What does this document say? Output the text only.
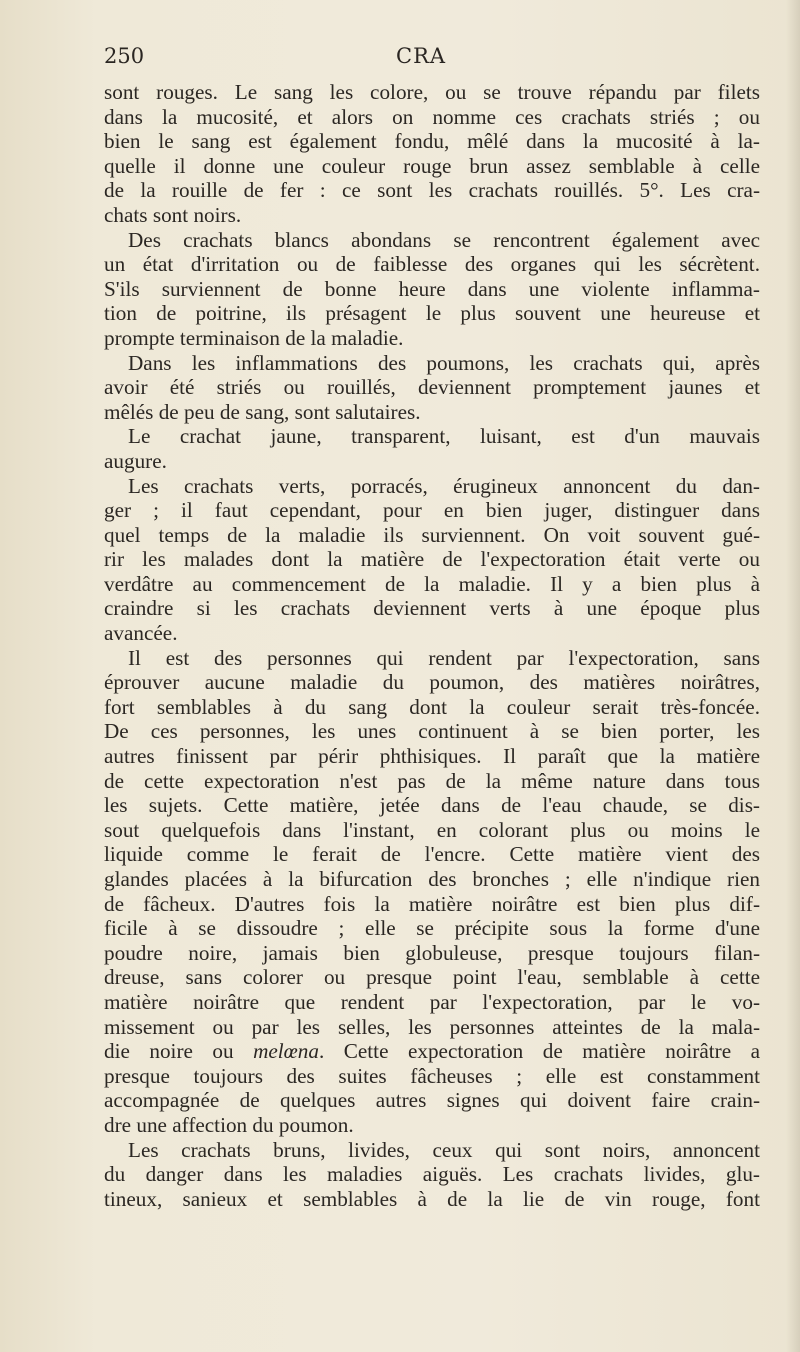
250	CRA
sont rouges. Le sang les colore, ou se trouve répandu par filets
dans la mucosité, et alors on nomme ces crachats striés ; ou
bien le sang est également fondu, mêlé dans la mucosité à la-
quelle il donne une couleur rouge brun assez semblable à celle
de la rouille de fer : ce sont les crachats rouillés. 5°. Les cra-
chats sont noirs.
Des crachats blancs abondans se rencontrent également avec
un état d'irritation ou de faiblesse des organes qui les sécrètent.
S'ils surviennent de bonne heure dans une violente inflamma-
tion de poitrine, ils présagent le plus souvent une heureuse et
prompte terminaison de la maladie.
Dans les inflammations des poumons, les crachats qui, après
avoir été striés ou rouillés, deviennent promptement jaunes et
mêlés de peu de sang, sont salutaires.
Le crachat jaune, transparent, luisant, est d'un mauvais
augure.
Les crachats verts, porracés, érugineux annoncent du dan-
ger ; il faut cependant, pour en bien juger, distinguer dans
quel temps de la maladie ils surviennent. On voit souvent gué-
rir les malades dont la matière de l'expectoration était verte ou
verdâtre au commencement de la maladie. Il y a bien plus à
craindre si les crachats deviennent verts à une époque plus
avancée.
Il est des personnes qui rendent par l'expectoration, sans
éprouver aucune maladie du poumon, des matières noirâtres,
fort semblables à du sang dont la couleur serait très-foncée.
De ces personnes, les unes continuent à se bien porter, les
autres finissent par périr phthisiques. Il paraît que la matière
de cette expectoration n'est pas de la même nature dans tous
les sujets. Cette matière, jetée dans de l'eau chaude, se dis-
sout quelquefois dans l'instant, en colorant plus ou moins le
liquide comme le ferait de l'encre. Cette matière vient des
glandes placées à la bifurcation des bronches ; elle n'indique rien
de fâcheux. D'autres fois la matière noirâtre est bien plus dif-
ficile à se dissoudre ; elle se précipite sous la forme d'une
poudre noire, jamais bien globuleuse, presque toujours filan-
dreuse, sans colorer ou presque point l'eau, semblable à cette
matière noirâtre que rendent par l'expectoration, par le vo-
missement ou par les selles, les personnes atteintes de la mala-
die noire ou melœna. Cette expectoration de matière noirâtre a
presque toujours des suites fâcheuses ; elle est constamment
accompagnée de quelques autres signes qui doivent faire crain-
dre une affection du poumon.
Les crachats bruns, livides, ceux qui sont noirs, annoncent
du danger dans les maladies aiguës. Les crachats livides, glu-
tineux, sanieux et semblables à de la lie de vin rouge, font
